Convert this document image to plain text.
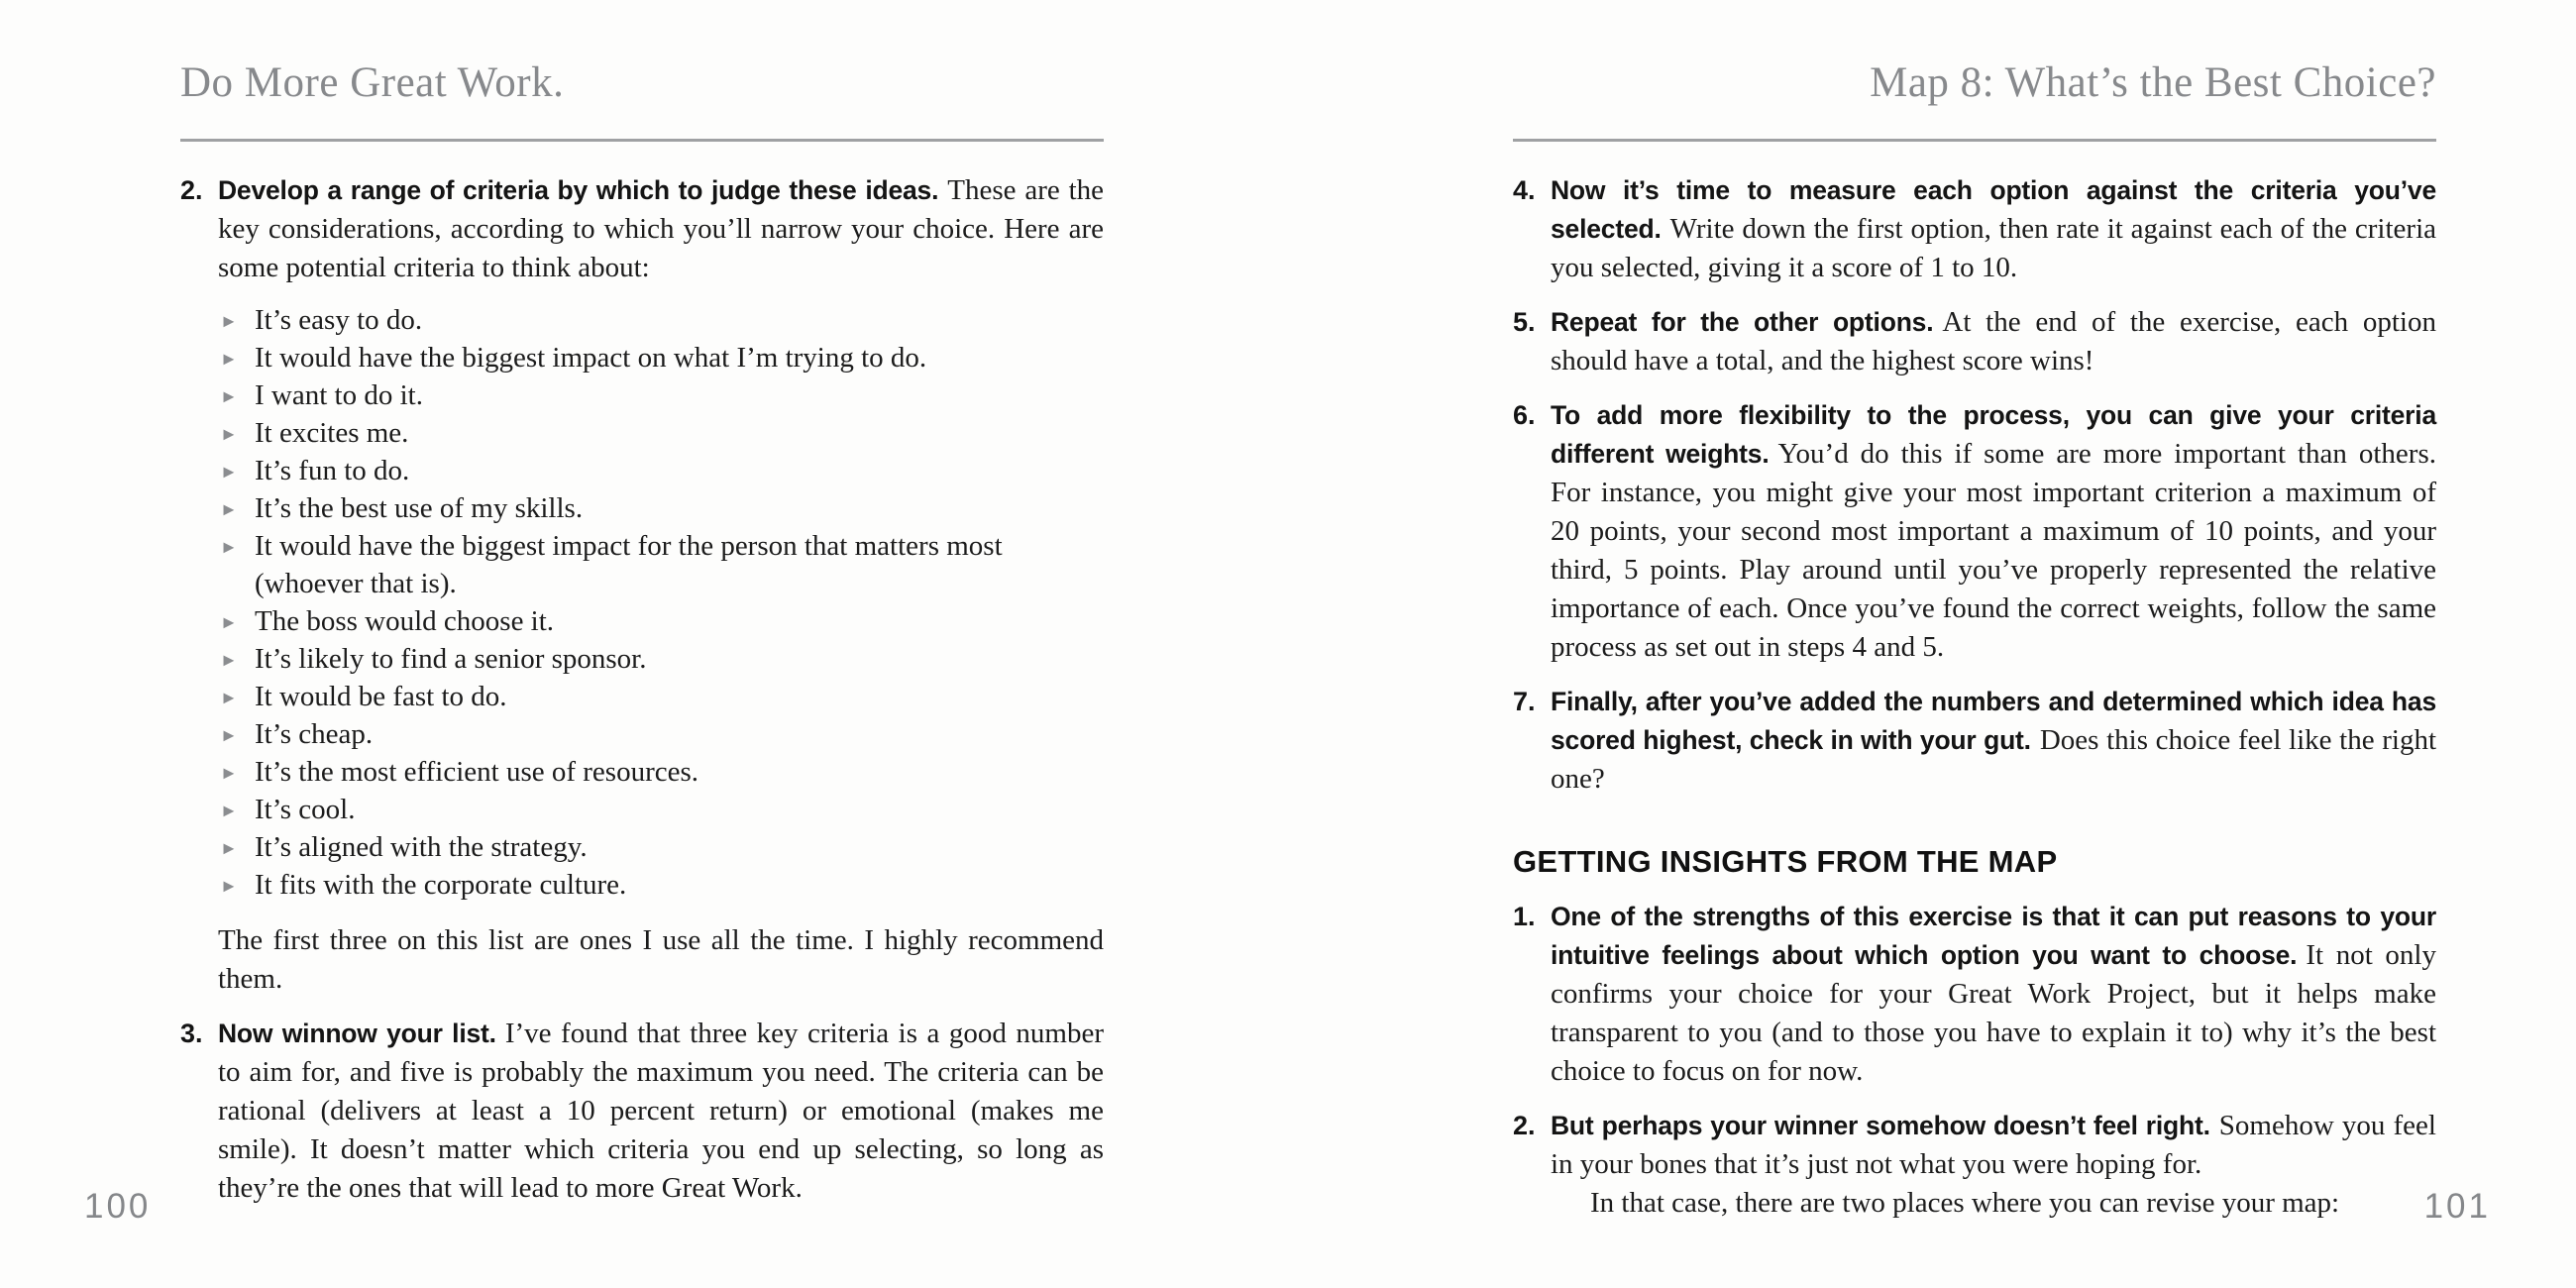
Do More Great Work.
2. Develop a range of criteria by which to judge these ideas. These are the key considerations, according to which you’ll narrow your choice. Here are some potential criteria to think about:
► It’s easy to do.
► It would have the biggest impact on what I’m trying to do.
► I want to do it.
► It excites me.
► It’s fun to do.
► It’s the best use of my skills.
► It would have the biggest impact for the person that matters most (whoever that is).
► The boss would choose it.
► It’s likely to find a senior sponsor.
► It would be fast to do.
► It’s cheap.
► It’s the most efficient use of resources.
► It’s cool.
► It’s aligned with the strategy.
► It fits with the corporate culture.

The first three on this list are ones I use all the time. I highly recommend them.

3. Now winnow your list. I’ve found that three key criteria is a good number to aim for, and five is probably the maximum you need. The criteria can be rational (delivers at least a 10 percent return) or emotional (makes me smile). It doesn’t matter which criteria you end up selecting, so long as they’re the ones that will lead to more Great Work.
Map 8: What’s the Best Choice?
4. Now it’s time to measure each option against the criteria you’ve selected. Write down the first option, then rate it against each of the criteria you selected, giving it a score of 1 to 10.
5. Repeat for the other options. At the end of the exercise, each option should have a total, and the highest score wins!
6. To add more flexibility to the process, you can give your criteria different weights. You’d do this if some are more important than others. For instance, you might give your most important criterion a maximum of 20 points, your second most important a maximum of 10 points, and your third, 5 points. Play around until you’ve properly represented the relative importance of each. Once you’ve found the correct weights, follow the same process as set out in steps 4 and 5.
7. Finally, after you’ve added the numbers and determined which idea has scored highest, check in with your gut. Does this choice feel like the right one?
GETTING INSIGHTS FROM THE MAP
1. One of the strengths of this exercise is that it can put reasons to your intuitive feelings about which option you want to choose. It not only confirms your choice for your Great Work Project, but it helps make transparent to you (and to those you have to explain it to) why it’s the best choice to focus on for now.
2. But perhaps your winner somehow doesn’t feel right. Somehow you feel in your bones that it’s just not what you were hoping for.

In that case, there are two places where you can revise your map:

100	101
